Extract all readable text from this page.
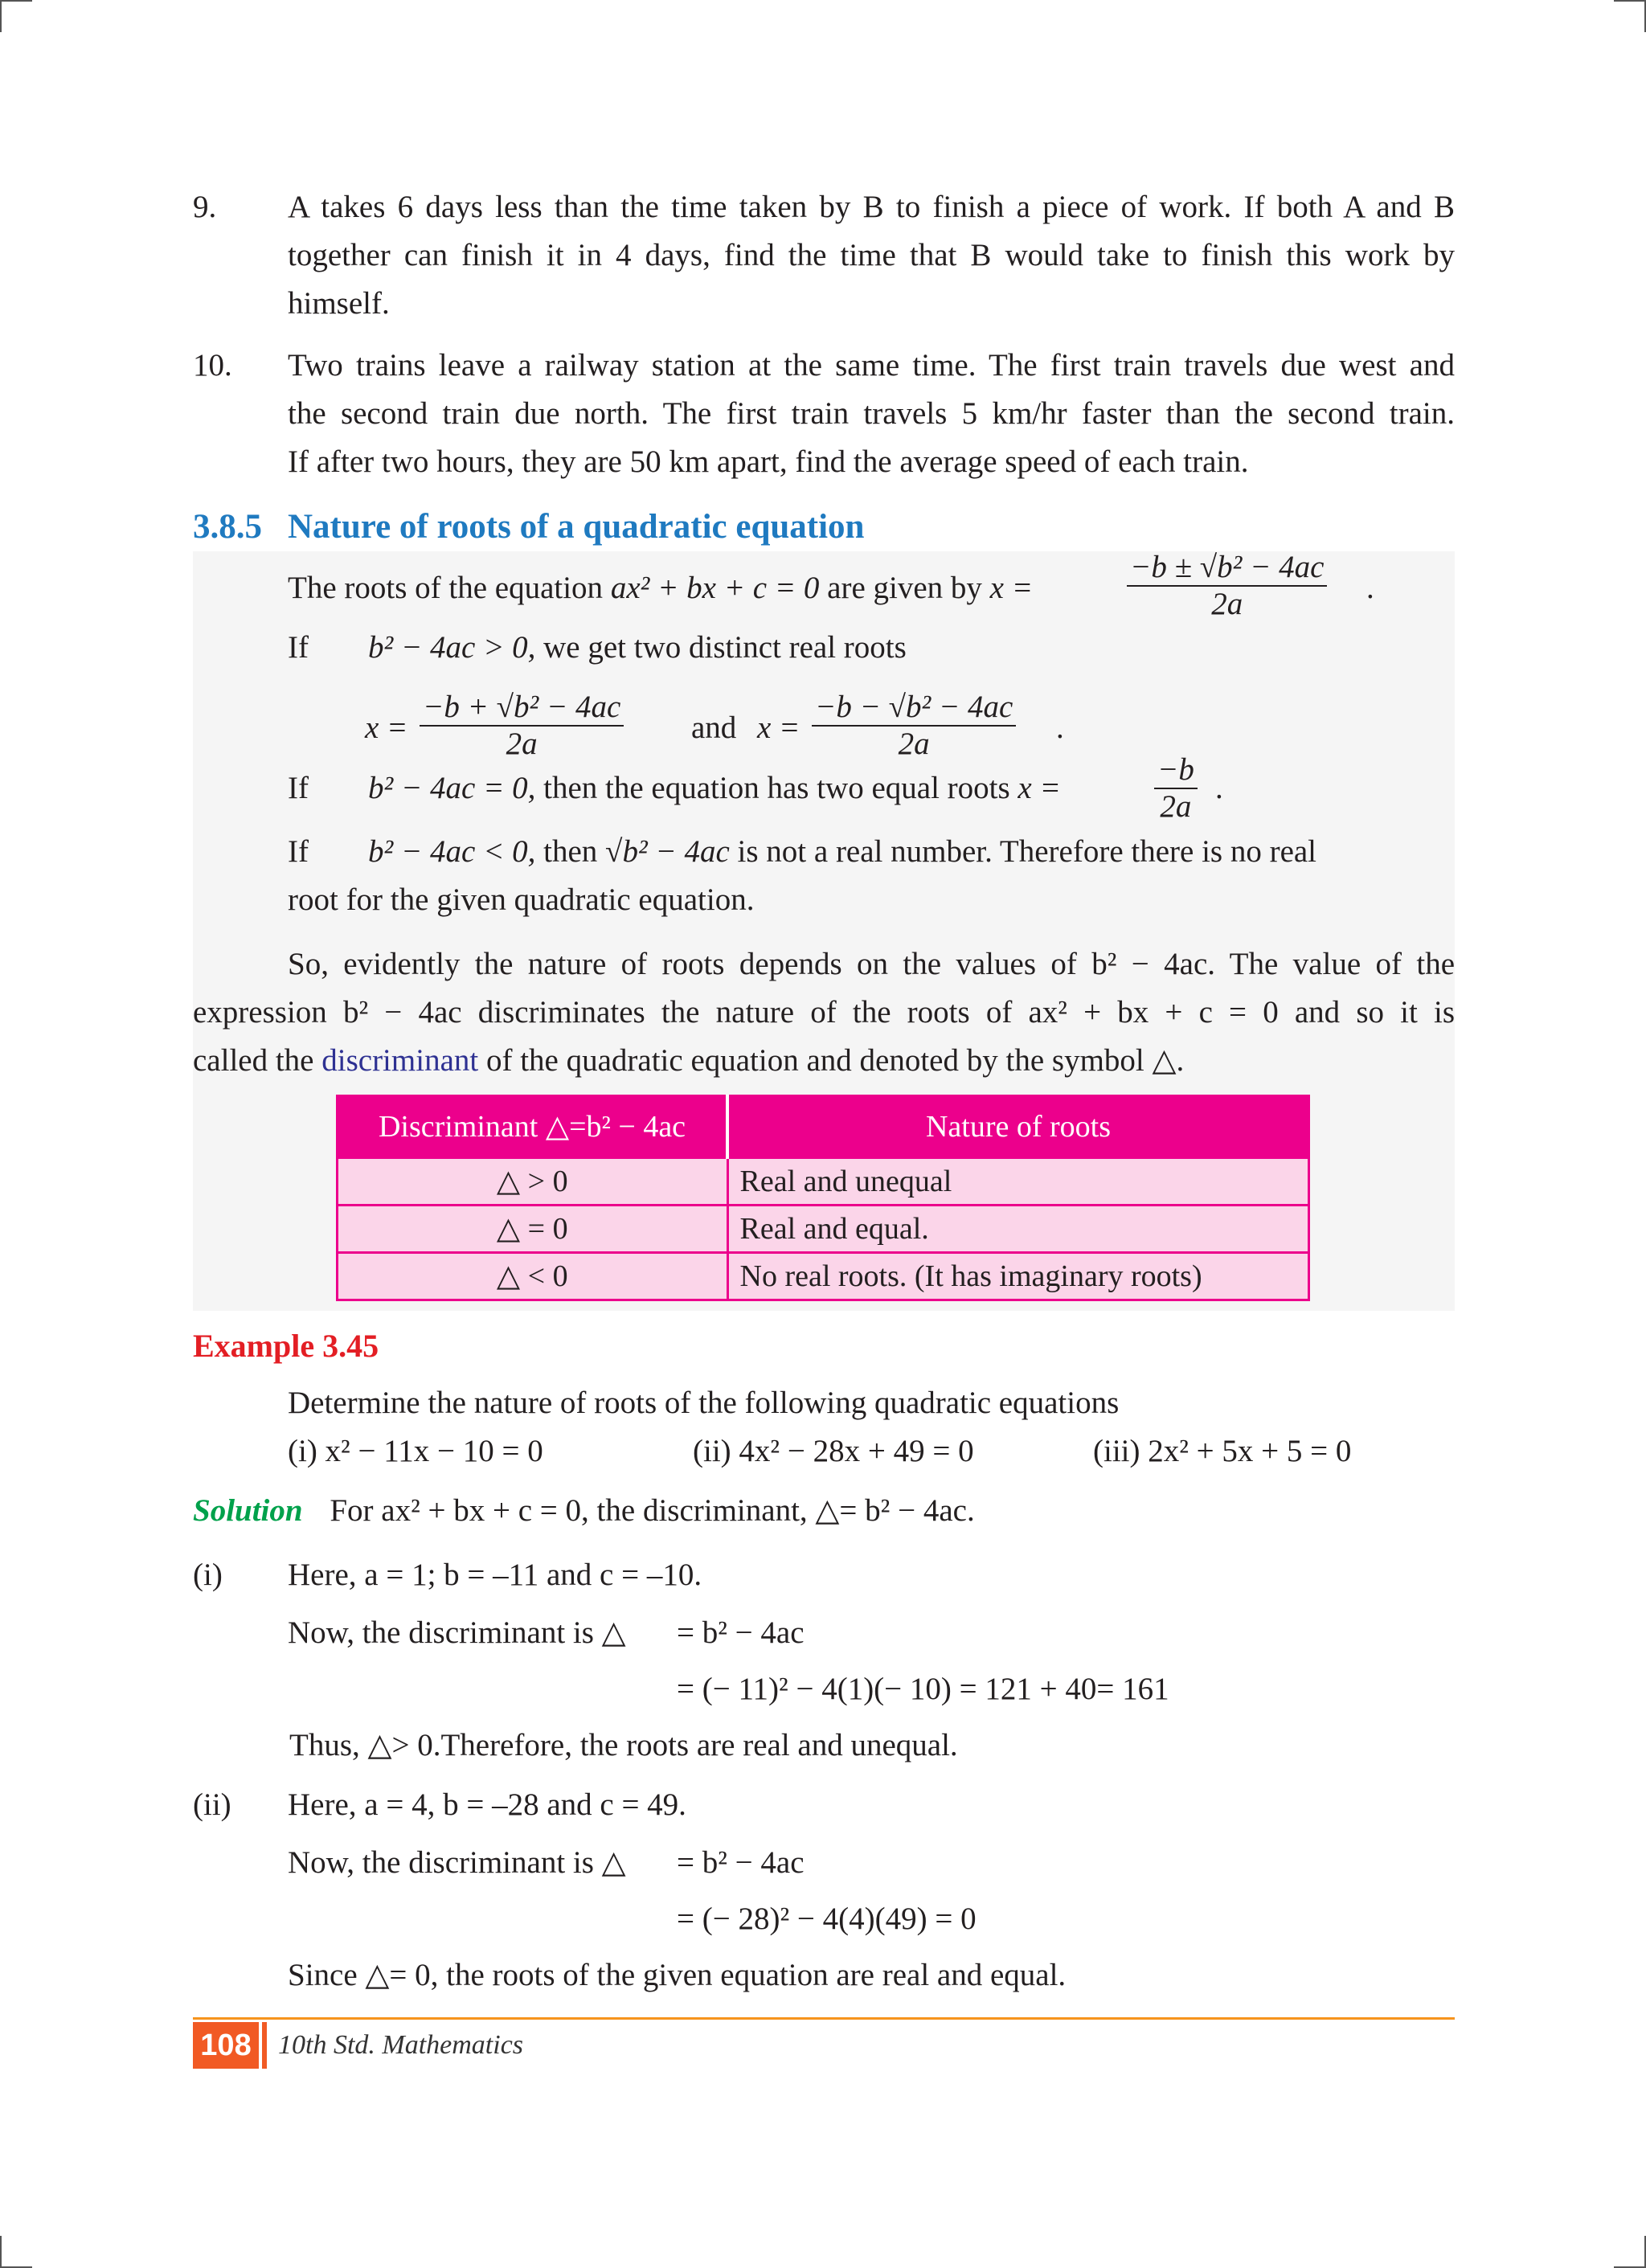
9. A takes 6 days less than the time taken by B to finish a piece of work. If both A and B
together can finish it in 4 days, find the time that B would take to finish this work by
himself.
10. Two trains leave a railway station at the same time. The first train travels due west and
the second train due north. The first train travels 5 km/hr faster than the second train.
If after two hours, they are 50 km apart, find the average speed of each train.
3.8.5 Nature of roots of a quadratic equation
The roots of the equation ax² + bx + c = 0 are given by x =	$\frac{\text{−b ± √b² − 4ac}}{2a}$ .
If b² − 4ac > 0, we get two distinct real roots
$x = \frac{\text{−b + √b² − 4ac}}{2a}$ and $x = \frac{\text{−b − √b² − 4ac}}{2a}$ .
If b² − 4ac = 0, then the equation has two equal roots x =	$\frac{-b}{2a}$ .
If b² − 4ac < 0, then √b² − 4ac is not a real number. Therefore there is no real
root for the given quadratic equation.
So, evidently the nature of roots depends on the values of b² − 4ac. The value of the
expression b² − 4ac discriminates the nature of the roots of ax² + bx + c = 0 and so it is
called the discriminant of the quadratic equation and denoted by the symbol △.
Discriminant △=b² − 4ac	Nature of roots
△ > 0	Real and unequal
△ = 0	Real and equal.
△ < 0	No real roots. (It has imaginary roots)
Example 3.45
Determine the nature of roots of the following quadratic equations
(i) x² − 11x − 10 = 0	(ii) 4x² − 28x + 49 = 0	(iii) 2x² + 5x + 5 = 0
Solution For ax² + bx + c = 0, the discriminant, △= b² − 4ac.
(i) Here, a = 1; b = –11 and c = –10.
Now, the discriminant is △ = b² − 4ac
= (− 11)² − 4(1)(− 10) = 121 + 40= 161
Thus, △> 0.Therefore, the roots are real and unequal.
(ii) Here, a = 4, b = –28 and c = 49.
Now, the discriminant is △ = b² − 4ac
= (− 28)² − 4(4)(49) = 0
Since △= 0, the roots of the given equation are real and equal.
108 10th Std. Mathematics
